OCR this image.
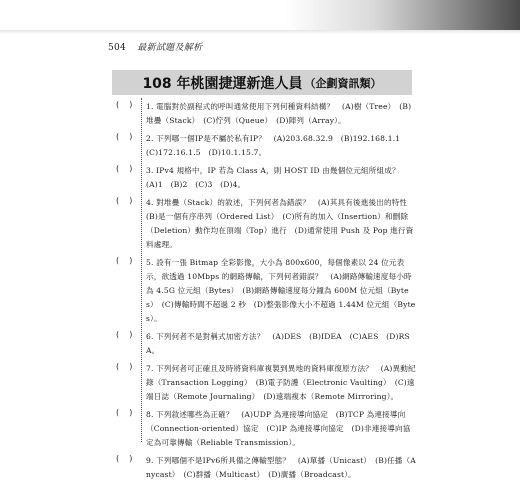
504 最新試題及解析
108 年桃園捷運新進人員 （企劃資訊類）
(    )	1. 電腦對於副程式的呼叫通常使用下列何種資料結構？　(A)樹（Tree）　(B)堆疊（Stack）　(C)佇列（Queue）　(D)陣列（Array）。
(    )	2. 下列哪一個IP是不屬於私有IP？　(A)203.68.32.9　(B)192.168.1.1　(C)172.16.1.5　(D)10.1.15.7。
(    )	3. IPv4 規格中，IP 若為 Class A，則 HOST ID 由幾個位元組所組成？　(A)1　(B)2　(C)3　(D)4。
(    )	4. 對堆疊（Stack）的敘述，下列何者為錯誤？　(A)其具有後進後出的特性　(B)是一個有序串列（Ordered List）　(C)所有的加入（Insertion）和刪除（Deletion）動作均在頂端（Top）進行　(D)通常使用 Push 及 Pop 進行資料處理。
(    )	5. 設有一張 Bitmap 全彩影像，大小為 800x600，每個像素以 24 位元表示，欲透過 10Mbps 的網路傳輸，下列何者錯誤？　(A)網路傳輸速度每小時為 4.5G 位元組（Bytes）　(B)網路傳輸速度每分鐘為 600M 位元組（Bytes）　(C)傳輸時間不超過 2 秒　(D)整張影像大小不超過 1.44M 位元組（Bytes）。
(    )	6. 下列何者不是對稱式加密方法？　(A)DES　(B)IDEA　(C)AES　(D)RSA。
(    )	7. 下列何者可正確且及時將資料庫複製到異地的資料庫復原方法？　(A)異動紀錄（Transaction Logging）　(B)電子防護（Electronic Vaulting）　(C)遠端日誌（Remote Journaling）　(D)遠端複本（Remote Mirroring）。
(    )	8. 下列敘述哪些為正確？　(A)UDP 為連接導向協定　(B)TCP 為連接導向（Connection-oriented）協定　(C)IP 為連接導向協定　(D)非連接導向協定為可靠傳輸（Reliable Transmission）。
(    )	9. 下列哪個不是IPv6所具備之傳輸型態？　(A)單播（Unicast）　(B)任播（Anycast）　(C)群播（Multicast）　(D)廣播（Broadcast）。
